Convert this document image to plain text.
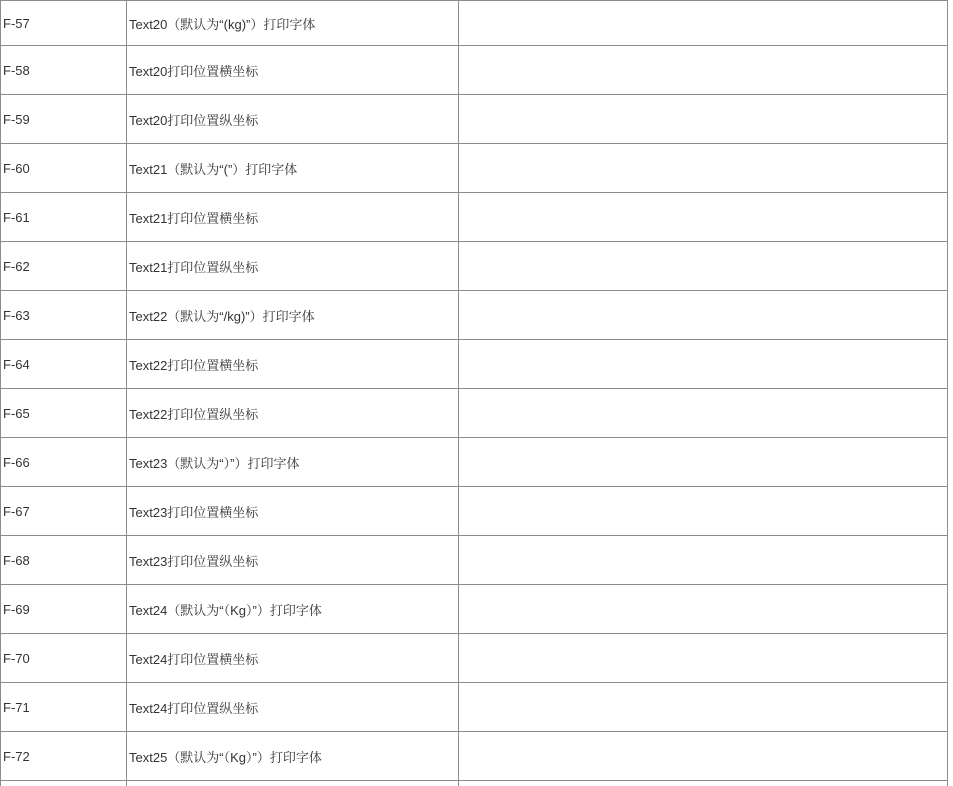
F-57	Text20（默认为“(kg)”）打印字体	
F-58	Text20打印位置横坐标	
F-59	Text20打印位置纵坐标	
F-60	Text21（默认为“(”）打印字体	
F-61	Text21打印位置横坐标	
F-62	Text21打印位置纵坐标	
F-63	Text22（默认为“/kg)”）打印字体	
F-64	Text22打印位置横坐标	
F-65	Text22打印位置纵坐标	
F-66	Text23（默认为“）”）打印字体	
F-67	Text23打印位置横坐标	
F-68	Text23打印位置纵坐标	
F-69	Text24（默认为“（Kg）”）打印字体	
F-70	Text24打印位置横坐标	
F-71	Text24打印位置纵坐标	
F-72	Text25（默认为“（Kg）”）打印字体	
